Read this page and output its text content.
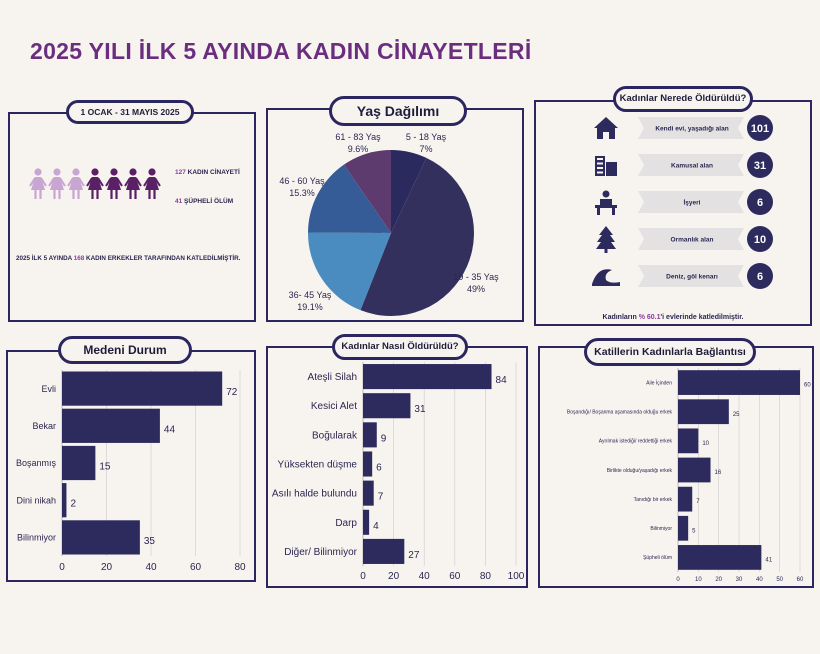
2025 YILI İLK 5 AYINDA KADIN CİNAYETLERİ
1 OCAK - 31 MAYIS 2025
127 KADIN CİNAYETİ
41 ŞÜPHELİ ÖLÜM
2025 İLK 5 AYINDA 168 KADIN ERKEKLER TARAFINDAN KATLEDİLMİŞTİR.
Yaş Dağılımı
5 - 18 Yaş
7%
19 - 35 Yaş
49%
36- 45 Yaş
19.1%
46 - 60 Yaş
15.3%
61 - 83 Yaş
9.6%
Kadınlar Nerede Öldürüldü?
Kendi evi, yaşadığı alan 101
Kamusal alan	31
İşyeri	6
Ormanlık alan	10
Deniz, göl kenarı	6
Kadınların % 60.1'i evlerinde katledilmiştir.
Medeni Durum
0	20	40	60	80
Evli	72
Bekar	44
Boşanmış	15
Dini nikah 2
Bilinmiyor	35
Kadınlar Nasıl Öldürüldü?
0 20 40 60 80 100
Ateşli Silah	84
Kesici Alet	31
Boğularak 9
Yüksekten düşme 6
Asılı halde bulundu 7
Darp 4
Diğer/ Bilinmiyor	27
Katillerin Kadınlarla Bağlantısı
0	10 20 30 40 50 60
Aile İçinden	60
Boşandığı/ Boşanma aşamasında olduğu erkek	25
Ayrılmak istediği/ reddettiği erkek	10
Birlikte olduğu/yaşadığı erkek	16
Tanıdığı bir erkek	7
Bilinmiyor	5
Şüpheli ölüm	41
